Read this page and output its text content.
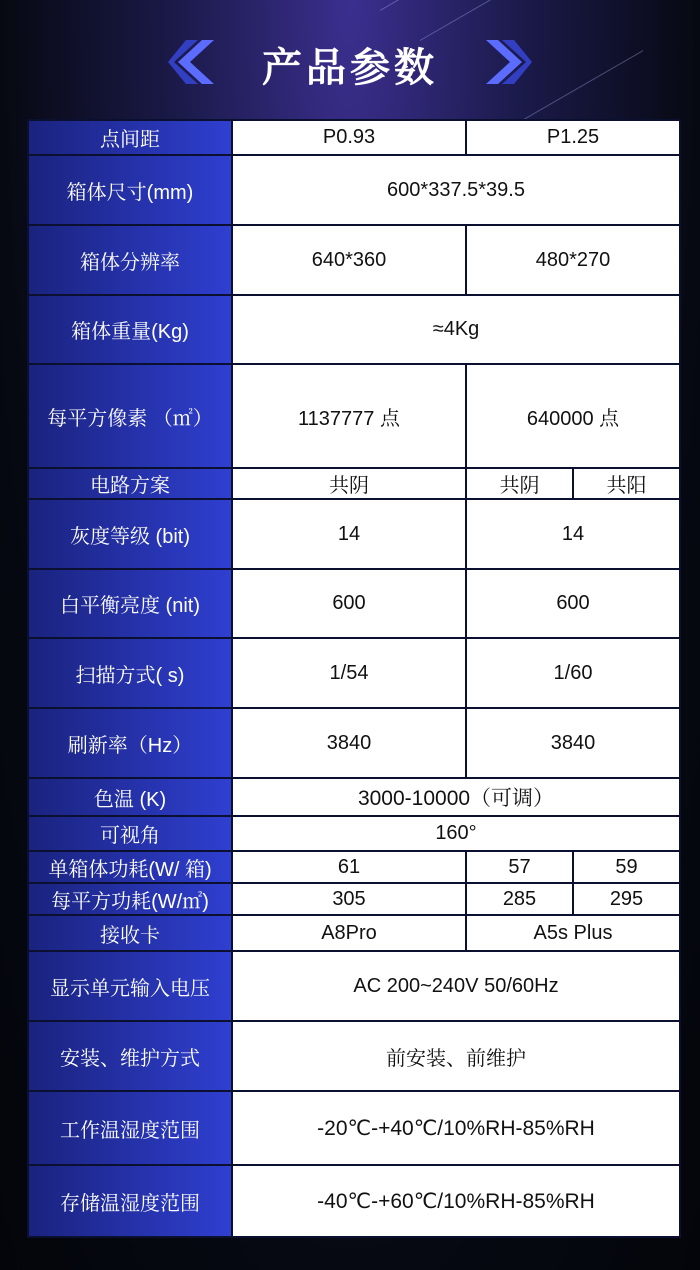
产品参数
点间距	P0.93	P1.25	
箱体尺寸(mm)	600*337.5*39.5		
箱体分辨率	640*360	480*270	
箱体重量(Kg)	≈4Kg		
每平方像素 （㎡）	1137777 点	640000 点	
电路方案	共阴	共阴	共阳
灰度等级 (bit)	14	14	
白平衡亮度 (nit)	600	600	
扫描方式( s)	1/54	1/60	
刷新率（Hz）	3840	3840	
色温 (K)	3000-10000（可调）		
可视角	160°		
单箱体功耗(W/ 箱)	61	57	59
每平方功耗(W/㎡)	305	285	295
接收卡	A8Pro	A5s Plus	
显示单元输入电压	AC 200~240V 50/60Hz		
安装、维护方式	前安装、前维护		
工作温湿度范围	-20℃-+40℃/10%RH-85%RH		
存储温湿度范围	-40℃-+60℃/10%RH-85%RH		
